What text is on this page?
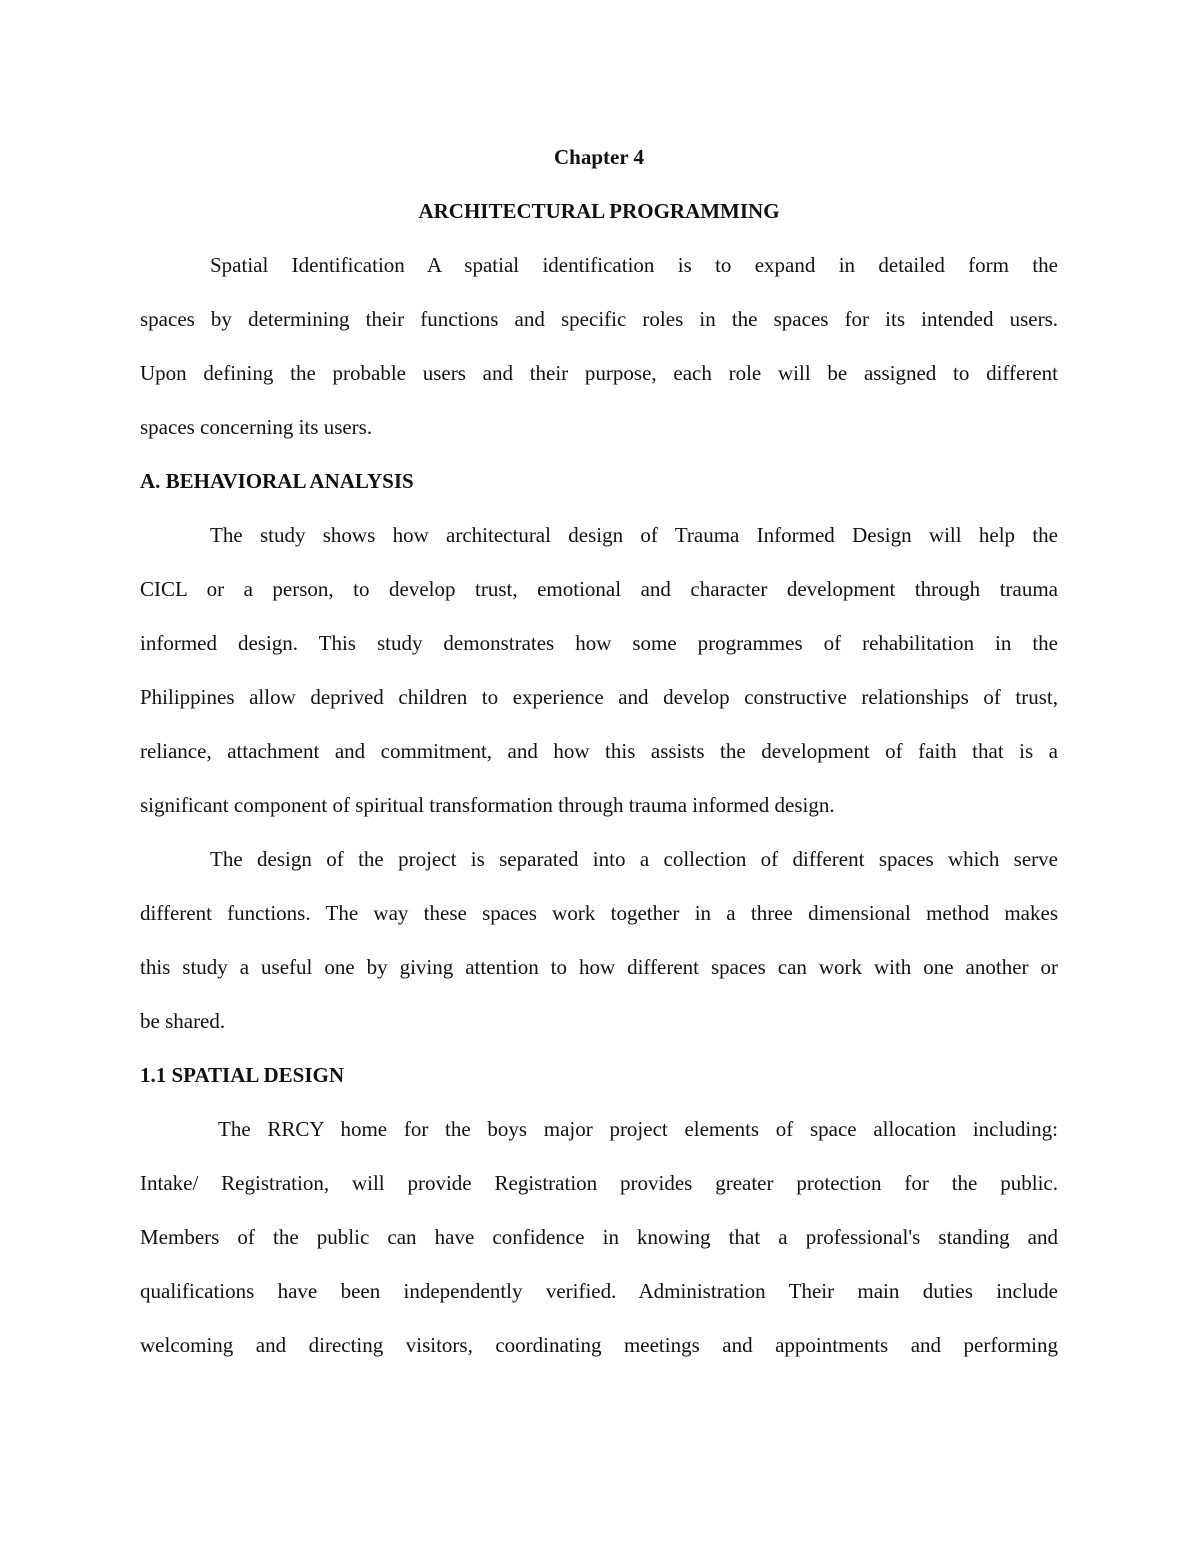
Chapter 4
ARCHITECTURAL PROGRAMMING
Spatial Identification A spatial identification is to expand in detailed form the
spaces by determining their functions and specific roles in the spaces for its intended users.
Upon defining the probable users and their purpose, each role will be assigned to different
spaces concerning its users.
A. BEHAVIORAL ANALYSIS
The study shows how architectural design of Trauma Informed Design will help the
CICL or a person, to develop trust, emotional and character development through trauma
informed design. This study demonstrates how some programmes of rehabilitation in the
Philippines allow deprived children to experience and develop constructive relationships of trust,
reliance, attachment and commitment, and how this assists the development of faith that is a
significant component of spiritual transformation through trauma informed design.
The design of the project is separated into a collection of different spaces which serve
different functions. The way these spaces work together in a three dimensional method makes
this study a useful one by giving attention to how different spaces can work with one another or
be shared.
1.1 SPATIAL DESIGN
The RRCY home for the boys major project elements of space allocation including:
Intake/ Registration, will provide Registration provides greater protection for the public.
Members of the public can have confidence in knowing that a professional's standing and
qualifications have been independently verified. Administration Their main duties include
welcoming and directing visitors, coordinating meetings and appointments and performing
